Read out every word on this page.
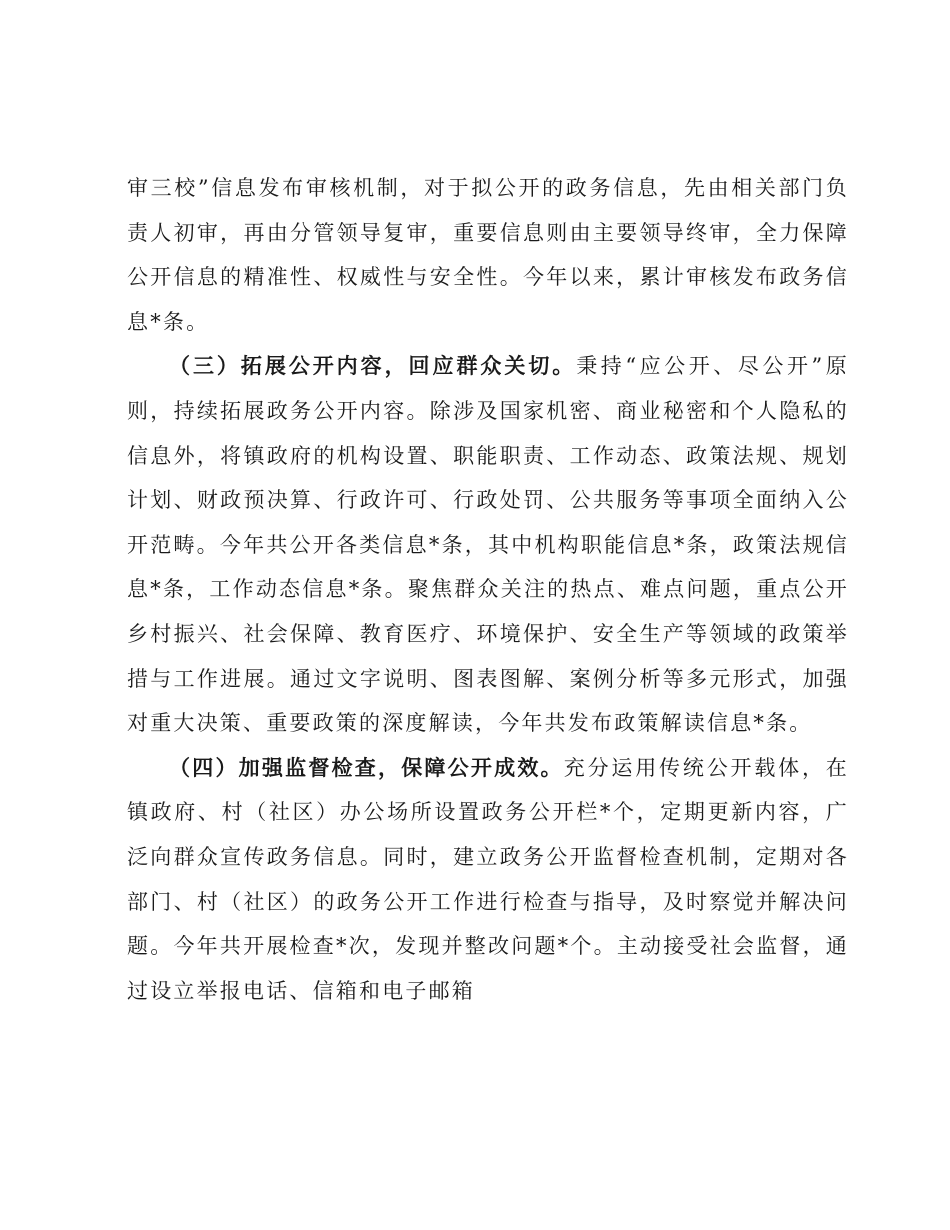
审三校”信息发布审核机制，对于拟公开的政务信息，先由相关部门负责人初审，再由分管领导复审，重要信息则由主要领导终审，全力保障公开信息的精准性、权威性与安全性。今年以来，累计审核发布政务信息*条。

（三）拓展公开内容，回应群众关切。秉持“应公开、尽公开”原则，持续拓展政务公开内容。除涉及国家机密、商业秘密和个人隐私的信息外，将镇政府的机构设置、职能职责、工作动态、政策法规、规划计划、财政预决算、行政许可、行政处罚、公共服务等事项全面纳入公开范畴。今年共公开各类信息*条，其中机构职能信息*条，政策法规信息*条，工作动态信息*条。聚焦群众关注的热点、难点问题，重点公开乡村振兴、社会保障、教育医疗、环境保护、安全生产等领域的政策举措与工作进展。通过文字说明、图表图解、案例分析等多元形式，加强对重大决策、重要政策的深度解读，今年共发布政策解读信息*条。

（四）加强监督检查，保障公开成效。充分运用传统公开载体，在镇政府、村（社区）办公场所设置政务公开栏*个，定期更新内容，广泛向群众宣传政务信息。同时，建立政务公开监督检查机制，定期对各部门、村（社区）的政务公开工作进行检查与指导，及时察觉并解决问题。今年共开展检查*次，发现并整改问题*个。主动接受社会监督，通过设立举报电话、信箱和电子邮箱
